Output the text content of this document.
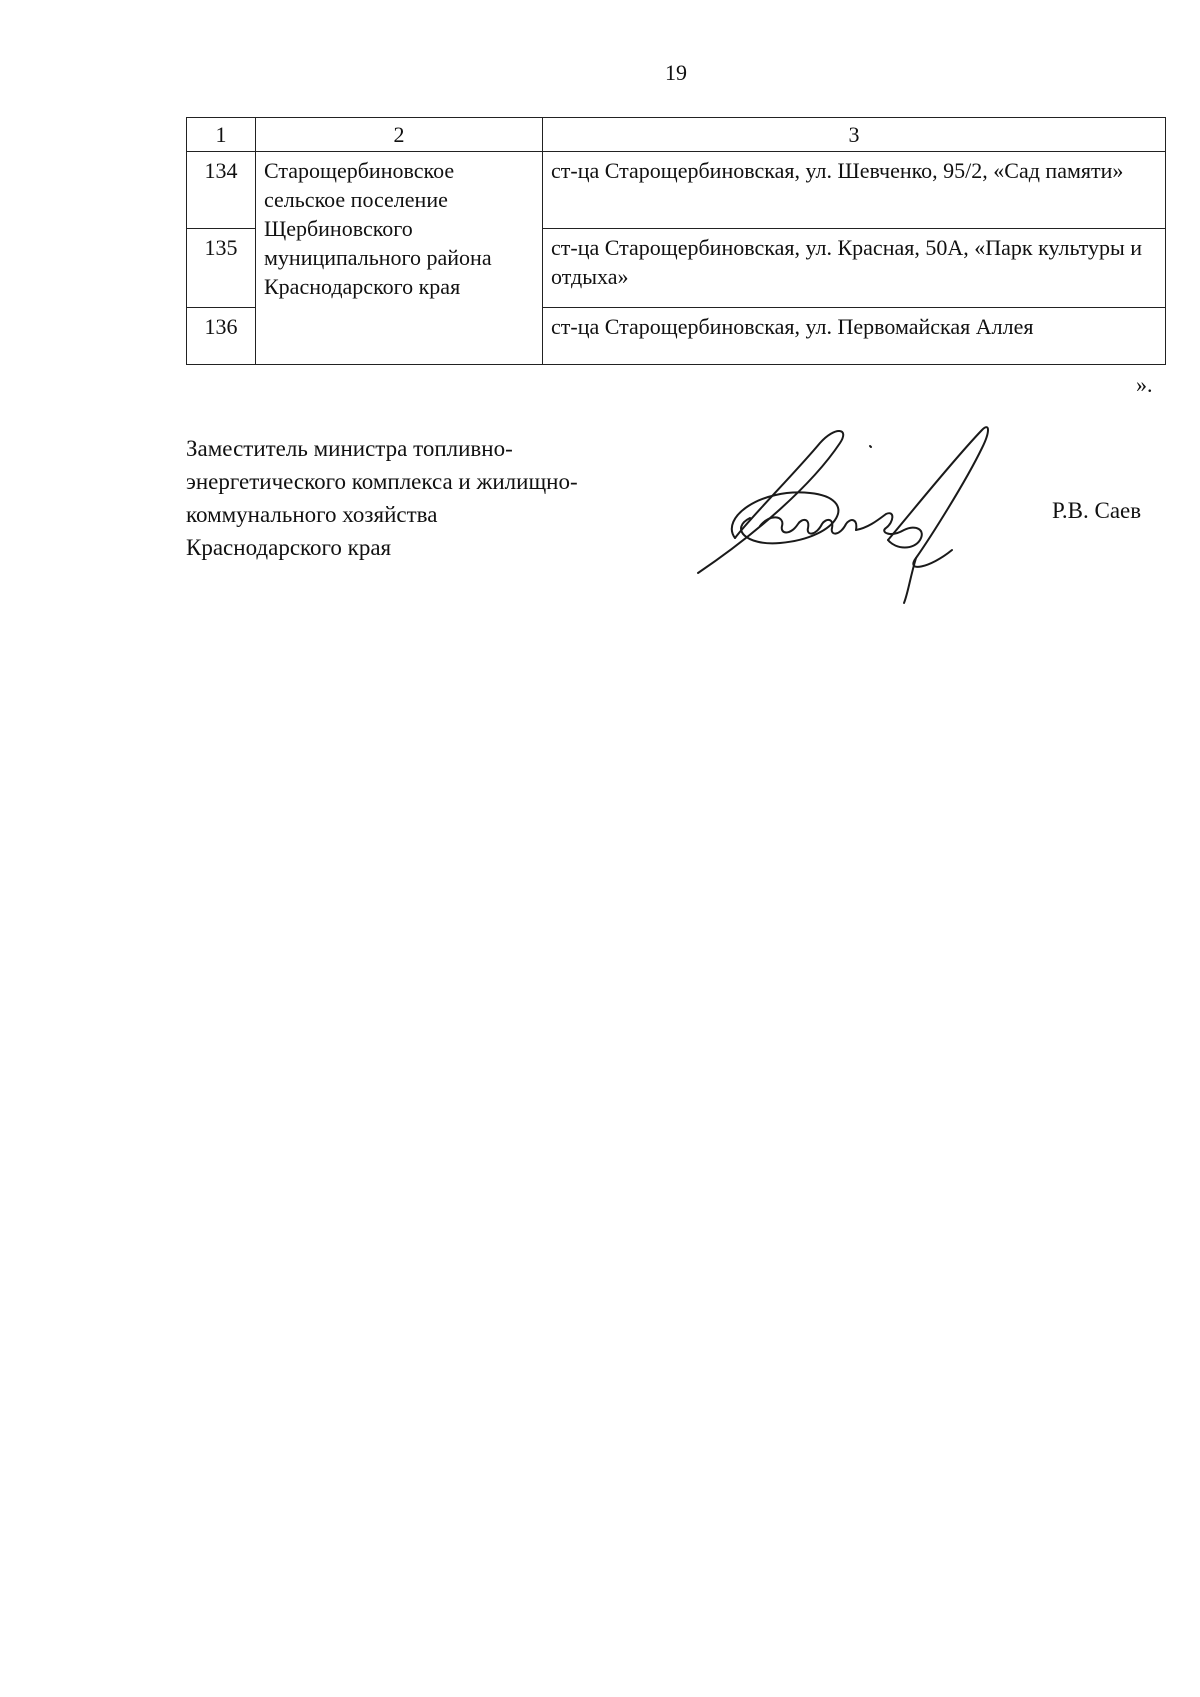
19
1	2	3
134	Старощербиновское сельское поселение Щербиновского муниципального района Краснодарского края	ст-ца Старощербиновская, ул. Шевченко, 95/2, «Сад памяти»
135		ст-ца Старощербиновская, ул. Красная, 50А, «Парк культуры и отдыха»
136		ст-ца Старощербиновская, ул. Первомайская Аллея
».
Заместитель министра топливно-
энергетического комплекса и жилищно-
коммунального хозяйства
Краснодарского края
Р.В. Саев
